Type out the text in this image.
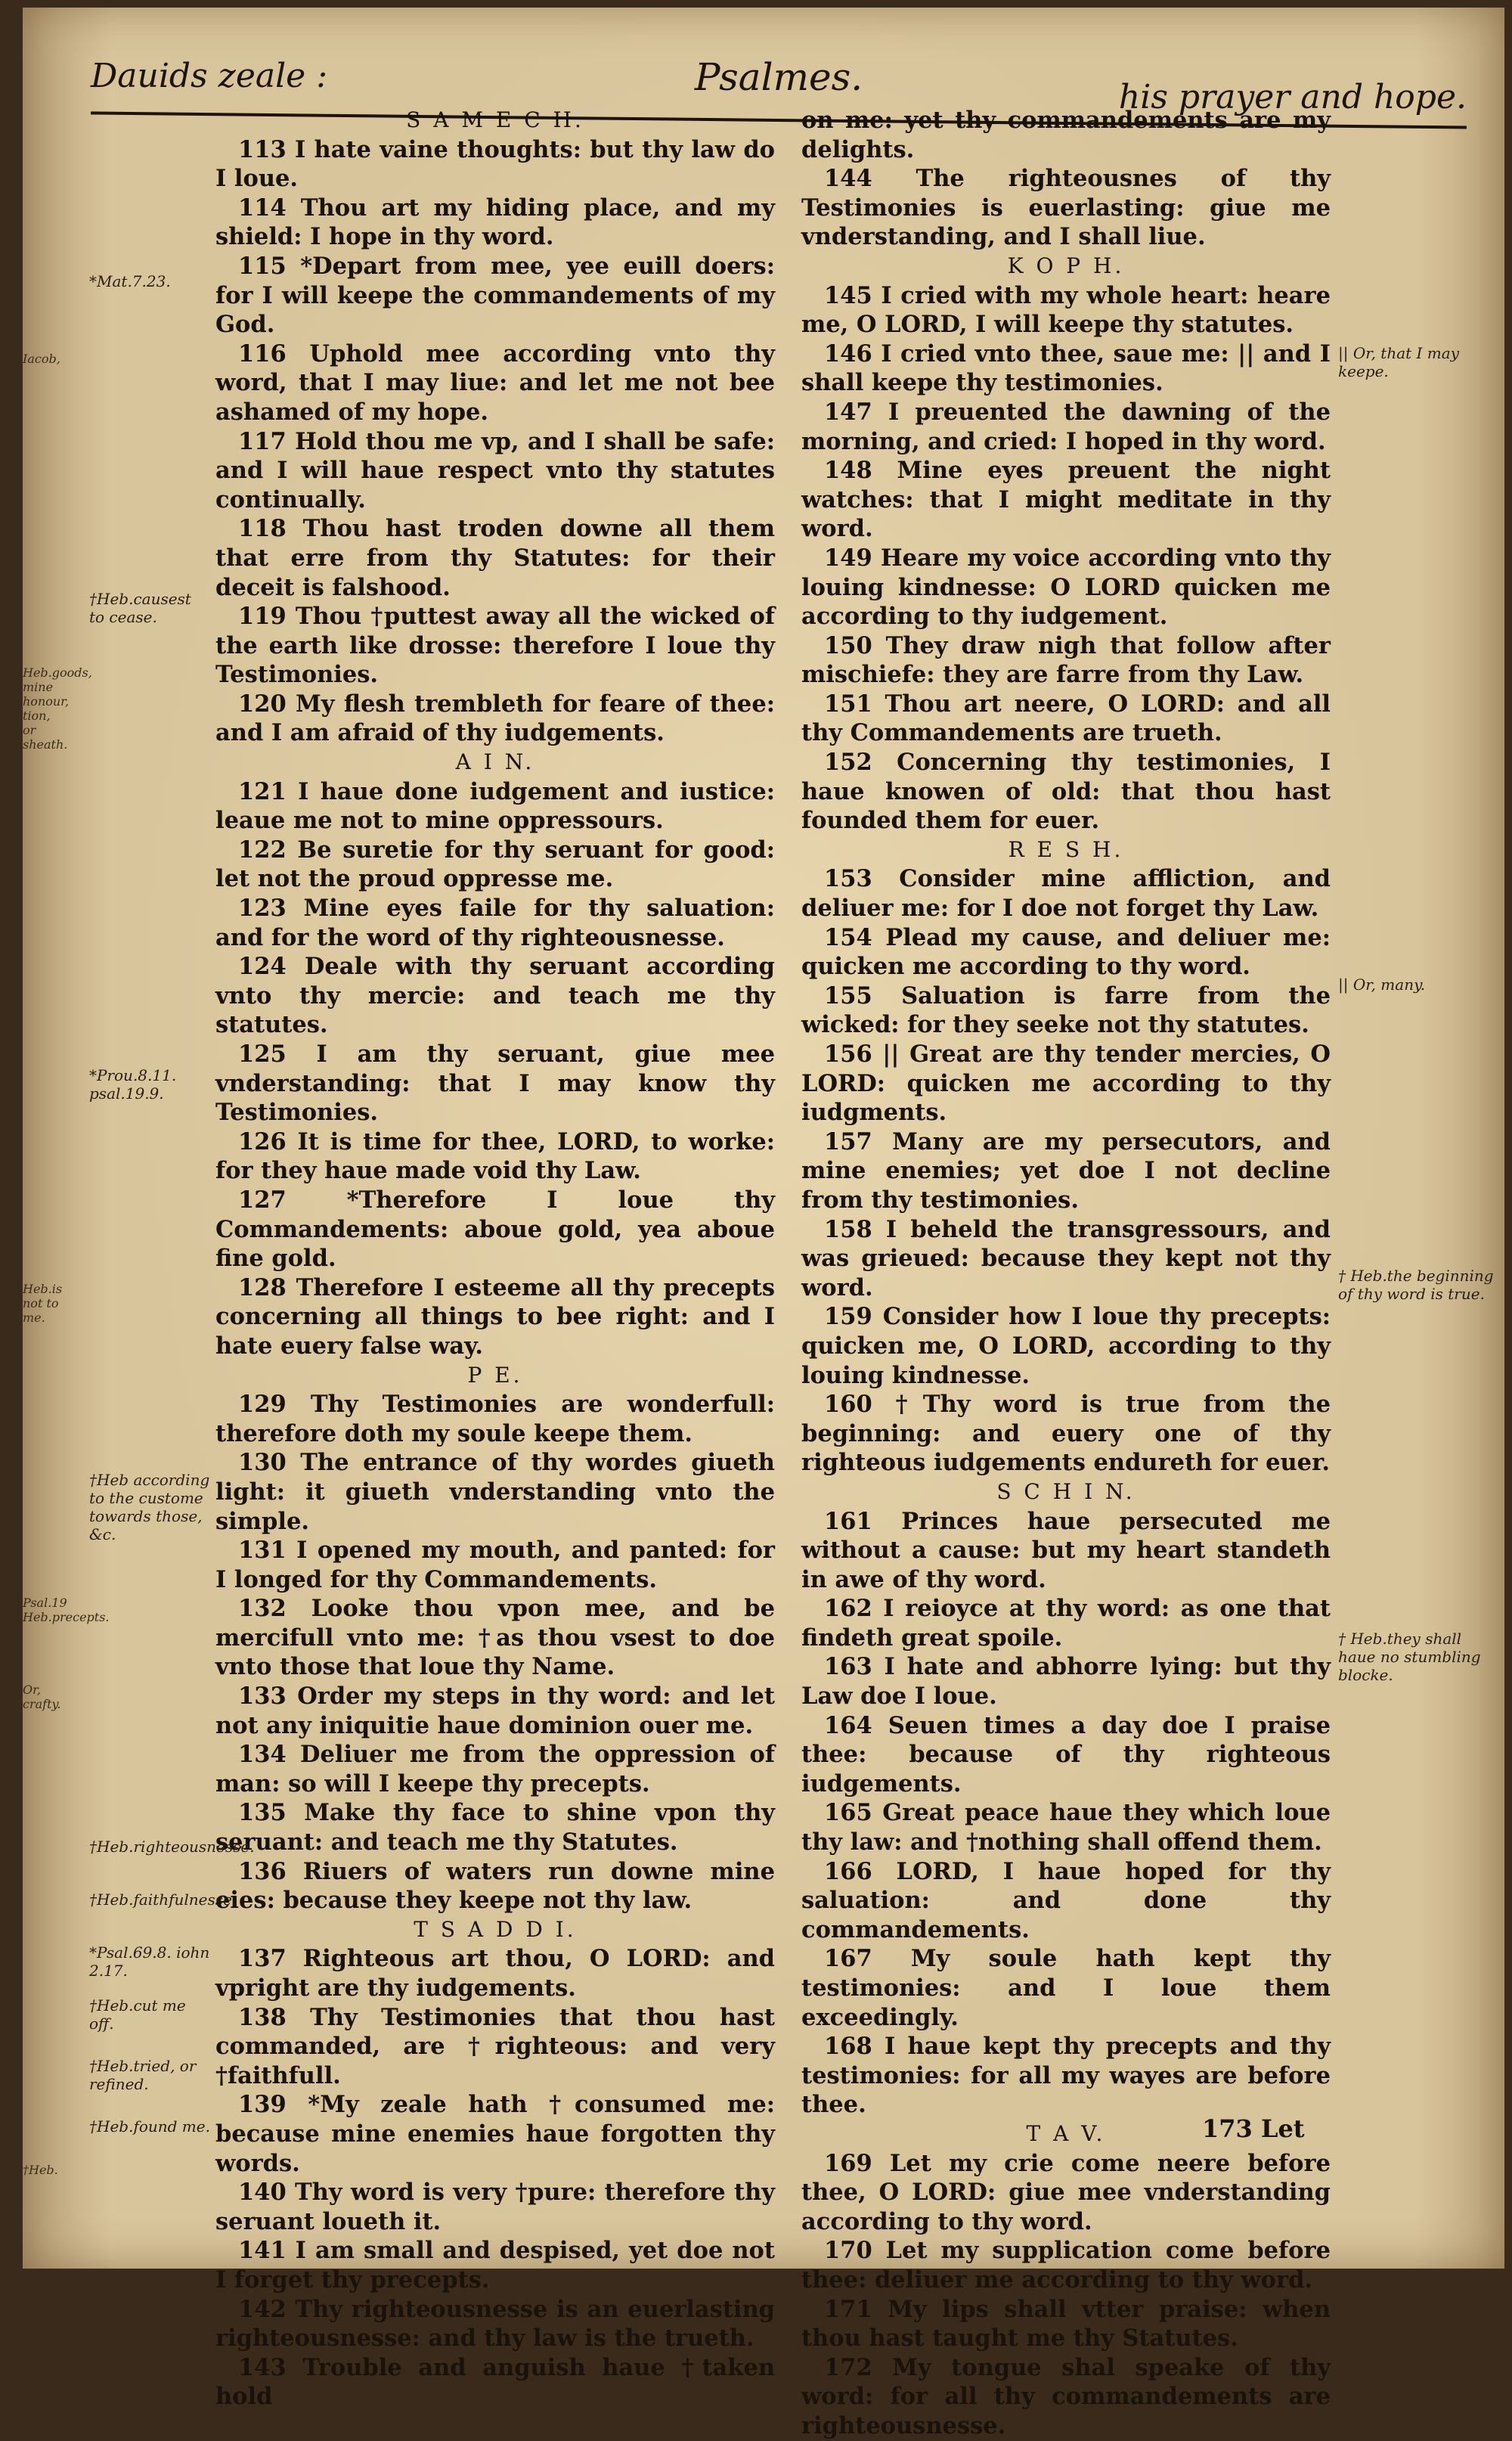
Dauids zeale :	Psalmes.	his prayer and hope.

S A M E C H.

113 I hate vaine thoughts: but thy law do I loue.

114 Thou art my hiding place, and my shield: I hope in thy word.

115 *Depart from mee, yee euill doers: for I will keepe the commandements of my God.

116 Uphold mee according vnto thy word, that I may liue: and let me not bee ashamed of my hope.

117 Hold thou me vp, and I shall be safe: and I will haue respect vnto thy statutes continually.

118 Thou hast troden downe all them that erre from thy Statutes: for their deceit is falshood.

119 Thou †puttest away all the wicked of the earth like drosse: therefore I loue thy Testimonies.

120 My flesh trembleth for feare of thee: and I am afraid of thy iudgements.

A I N.

121 I haue done iudgement and iustice: leaue me not to mine oppressours.

122 Be suretie for thy seruant for good: let not the proud oppresse me.

123 Mine eyes faile for thy saluation: and for the word of thy righteousnesse.

124 Deale with thy seruant according vnto thy mercie: and teach me thy statutes.

125 I am thy seruant, giue mee vnderstanding: that I may know thy Testimonies.

126 It is time for thee, LORD, to worke: for they haue made void thy Law.

127 *Therefore I loue thy Commandements: aboue gold, yea aboue fine gold.

128 Therefore I esteeme all thy precepts concerning all things to bee right: and I hate euery false way.

P E.

129 Thy Testimonies are wonderfull: therefore doth my soule keepe them.

130 The entrance of thy wordes giueth light: it giueth vnderstanding vnto the simple.

131 I opened my mouth, and panted: for I longed for thy Commandements.

132 Looke thou vpon mee, and be mercifull vnto me: †as thou vsest to doe vnto those that loue thy Name.

133 Order my steps in thy word: and let not any iniquitie haue dominion ouer me.

134 Deliuer me from the oppression of man: so will I keepe thy precepts.

135 Make thy face to shine vpon thy seruant: and teach me thy Statutes.

136 Riuers of waters run downe mine eies: because they keepe not thy law.

T S A D D I.

137 Righteous art thou, O LORD: and vpright are thy iudgements.

138 Thy Testimonies that thou hast commanded, are †righteous: and very †faithfull.

139 *My zeale hath †consumed me: because mine enemies haue forgotten thy words.

140 Thy word is very †pure: therefore thy seruant loueth it.

141 I am small and despised, yet doe not I forget thy precepts.

142 Thy righteousnesse is an euerlasting righteousnesse: and thy law is the trueth.

143 Trouble and anguish haue †taken hold

on me: yet thy commandements are my delights.

144 The righteousnes of thy Testimonies is euerlasting: giue me vnderstanding, and I shall liue.

K O P H.

145 I cried with my whole heart: heare me, O LORD, I will keepe thy statutes.

146 I cried vnto thee, saue me: || and I shall keepe thy testimonies.

147 I preuented the dawning of the morning, and cried: I hoped in thy word.

148 Mine eyes preuent the night watches: that I might meditate in thy word.

149 Heare my voice according vnto thy louing kindnesse: O LORD quicken me according to thy iudgement.

150 They draw nigh that follow after mischiefe: they are farre from thy Law.

151 Thou art neere, O LORD: and all thy Commandements are trueth.

152 Concerning thy testimonies, I haue knowen of old: that thou hast founded them for euer.

R E S H.

153 Consider mine affliction, and deliuer me: for I doe not forget thy Law.

154 Plead my cause, and deliuer me: quicken me according to thy word.

155 Saluation is farre from the wicked: for they seeke not thy statutes.

156 || Great are thy tender mercies, O LORD: quicken me according to thy iudgments.

157 Many are my persecutors, and mine enemies; yet doe I not decline from thy testimonies.

158 I beheld the transgressours, and was grieued: because they kept not thy word.

159 Consider how I loue thy precepts: quicken me, O LORD, according to thy louing kindnesse.

160 †Thy word is true from the beginning: and euery one of thy righteous iudgements endureth for euer.

S C H I N.

161 Princes haue persecuted me without a cause: but my heart standeth in awe of thy word.

162 I reioyce at thy word: as one that findeth great spoile.

163 I hate and abhorre lying: but thy Law doe I loue.

164 Seuen times a day doe I praise thee: because of thy righteous iudgements.

165 Great peace haue they which loue thy law: and †nothing shall offend them.

166 LORD, I haue hoped for thy saluation: and done thy commandements.

167 My soule hath kept thy testimonies: and I loue them exceedingly.

168 I haue kept thy precepts and thy testimonies: for all my wayes are before thee.

T A V.

169 Let my crie come neere before thee, O LORD: giue mee vnderstanding according to thy word.

170 Let my supplication come before thee: deliuer me according to thy word.

171 My lips shall vtter praise: when thou hast taught me thy Statutes.

172 My tongue shal speake of thy word: for all thy commandements are righteousnesse.

*Mat.7.23.
†Heb.causest to cease.
*Prou.8.11. psal.19.9.
†Heb according to the custome towards those, &c.
†Heb.righteousnesse.
†Heb.faithfulnesse.
*Psal.69.8. iohn 2.17.
†Heb.cut me off.
†Heb.tried, or refined.
†Heb.found me.
|| Or, that I may keepe.
|| Or, many.
† Heb.the beginning of thy word is true.
† Heb.they shall haue no stumbling blocke.
Iacob,
Heb.goods, mine honour, tion, or sheath.
Heb.is not to me.
Psal.19 Heb.precepts.
Or, crafty.
†Heb.
173 Let
